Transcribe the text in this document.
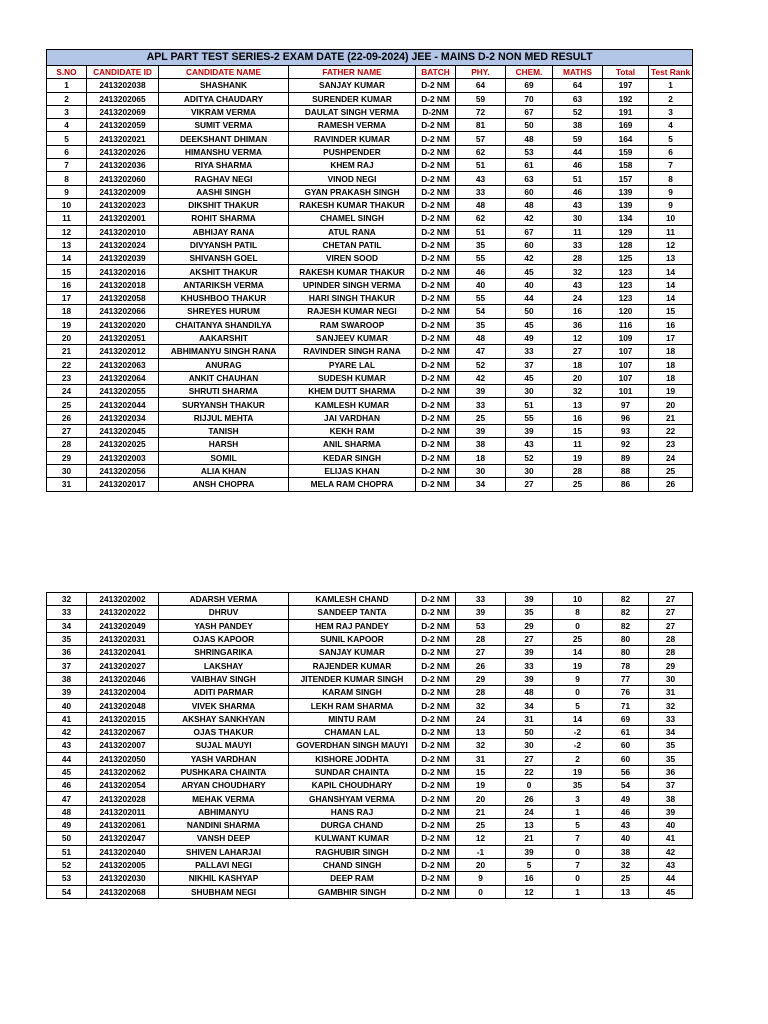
APL PART TEST SERIES-2 EXAM DATE (22-09-2024) JEE - MAINS D-2 NON MED RESULT									
S.NO	CANDIDATE ID	CANDIDATE NAME	FATHER NAME	BATCH	PHY.	CHEM.	MATHS	Total	Test Rank
1	2413202038	SHASHANK	SANJAY KUMAR	D-2 NM	64	69	64	197	1
2	2413202065	ADITYA CHAUDARY	SURENDER KUMAR	D-2 NM	59	70	63	192	2
3	2413202069	VIKRAM VERMA	DAULAT SINGH VERMA	D-2NM	72	67	52	191	3
4	2413202059	SUMIT VERMA	RAMESH VERMA	D-2 NM	81	50	38	169	4
5	2413202021	DEEKSHANT DHIMAN	RAVINDER KUMAR	D-2 NM	57	48	59	164	5
6	2413202026	HIMANSHU VERMA	PUSHPENDER	D-2 NM	62	53	44	159	6
7	2413202036	RIYA SHARMA	KHEM RAJ	D-2 NM	51	61	46	158	7
8	2413202060	RAGHAV NEGI	VINOD NEGI	D-2 NM	43	63	51	157	8
9	2413202009	AASHI SINGH	GYAN PRAKASH SINGH	D-2 NM	33	60	46	139	9
10	2413202023	DIKSHIT THAKUR	RAKESH KUMAR THAKUR	D-2 NM	48	48	43	139	9
11	2413202001	ROHIT SHARMA	CHAMEL SINGH	D-2 NM	62	42	30	134	10
12	2413202010	ABHIJAY RANA	ATUL RANA	D-2 NM	51	67	11	129	11
13	2413202024	DIVYANSH PATIL	CHETAN PATIL	D-2 NM	35	60	33	128	12
14	2413202039	SHIVANSH GOEL	VIREN SOOD	D-2 NM	55	42	28	125	13
15	2413202016	AKSHIT THAKUR	RAKESH KUMAR THAKUR	D-2 NM	46	45	32	123	14
16	2413202018	ANTARIKSH VERMA	UPINDER SINGH VERMA	D-2 NM	40	40	43	123	14
17	2413202058	KHUSHBOO THAKUR	HARI SINGH THAKUR	D-2 NM	55	44	24	123	14
18	2413202066	SHREYES HURUM	RAJESH KUMAR NEGI	D-2 NM	54	50	16	120	15
19	2413202020	CHAITANYA SHANDILYA	RAM SWAROOP	D-2 NM	35	45	36	116	16
20	2413202051	AAKARSHIT	SANJEEV KUMAR	D-2 NM	48	49	12	109	17
21	2413202012	ABHIMANYU SINGH RANA	RAVINDER SINGH RANA	D-2 NM	47	33	27	107	18
22	2413202063	ANURAG	PYARE LAL	D-2 NM	52	37	18	107	18
23	2413202064	ANKIT CHAUHAN	SUDESH KUMAR	D-2 NM	42	45	20	107	18
24	2413202055	SHRUTI SHARMA	KHEM DUTT SHARMA	D-2 NM	39	30	32	101	19
25	2413202044	SURYANSH THAKUR	KAMLESH KUMAR	D-2 NM	33	51	13	97	20
26	2413202034	RIJJUL MEHTA	JAI VARDHAN	D-2 NM	25	55	16	96	21
27	2413202045	TANISH	KEKH RAM	D-2 NM	39	39	15	93	22
28	2413202025	HARSH	ANIL SHARMA	D-2 NM	38	43	11	92	23
29	2413202003	SOMIL	KEDAR SINGH	D-2 NM	18	52	19	89	24
30	2413202056	ALIA KHAN	ELIJAS KHAN	D-2 NM	30	30	28	88	25
31	2413202017	ANSH CHOPRA	MELA RAM CHOPRA	D-2 NM	34	27	25	86	26
32	2413202002	ADARSH VERMA	KAMLESH CHAND	D-2 NM	33	39	10	82	27
33	2413202022	DHRUV	SANDEEP TANTA	D-2 NM	39	35	8	82	27
34	2413202049	YASH PANDEY	HEM RAJ PANDEY	D-2 NM	53	29	0	82	27
35	2413202031	OJAS KAPOOR	SUNIL KAPOOR	D-2 NM	28	27	25	80	28
36	2413202041	SHRINGARIKA	SANJAY KUMAR	D-2 NM	27	39	14	80	28
37	2413202027	LAKSHAY	RAJENDER KUMAR	D-2 NM	26	33	19	78	29
38	2413202046	VAIBHAV SINGH	JITENDER KUMAR SINGH	D-2 NM	29	39	9	77	30
39	2413202004	ADITI PARMAR	KARAM SINGH	D-2 NM	28	48	0	76	31
40	2413202048	VIVEK SHARMA	LEKH RAM SHARMA	D-2 NM	32	34	5	71	32
41	2413202015	AKSHAY SANKHYAN	MINTU RAM	D-2 NM	24	31	14	69	33
42	2413202067	OJAS THAKUR	CHAMAN LAL	D-2 NM	13	50	-2	61	34
43	2413202007	SUJAL MAUYI	GOVERDHAN SINGH MAUYI	D-2 NM	32	30	-2	60	35
44	2413202050	YASH VARDHAN	KISHORE JODHTA	D-2 NM	31	27	2	60	35
45	2413202062	PUSHKARA CHAINTA	SUNDAR CHAINTA	D-2 NM	15	22	19	56	36
46	2413202054	ARYAN CHOUDHARY	KAPIL CHOUDHARY	D-2 NM	19	0	35	54	37
47	2413202028	MEHAK VERMA	GHANSHYAM VERMA	D-2 NM	20	26	3	49	38
48	2413202011	ABHIMANYU	HANS RAJ	D-2 NM	21	24	1	46	39
49	2413202061	NANDINI SHARMA	DURGA CHAND	D-2 NM	25	13	5	43	40
50	2413202047	VANSH DEEP	KULWANT KUMAR	D-2 NM	12	21	7	40	41
51	2413202040	SHIVEN LAHARJAI	RAGHUBIR SINGH	D-2 NM	-1	39	0	38	42
52	2413202005	PALLAVI NEGI	CHAND SINGH	D-2 NM	20	5	7	32	43
53	2413202030	NIKHIL KASHYAP	DEEP RAM	D-2 NM	9	16	0	25	44
54	2413202068	SHUBHAM NEGI	GAMBHIR SINGH	D-2 NM	0	12	1	13	45
